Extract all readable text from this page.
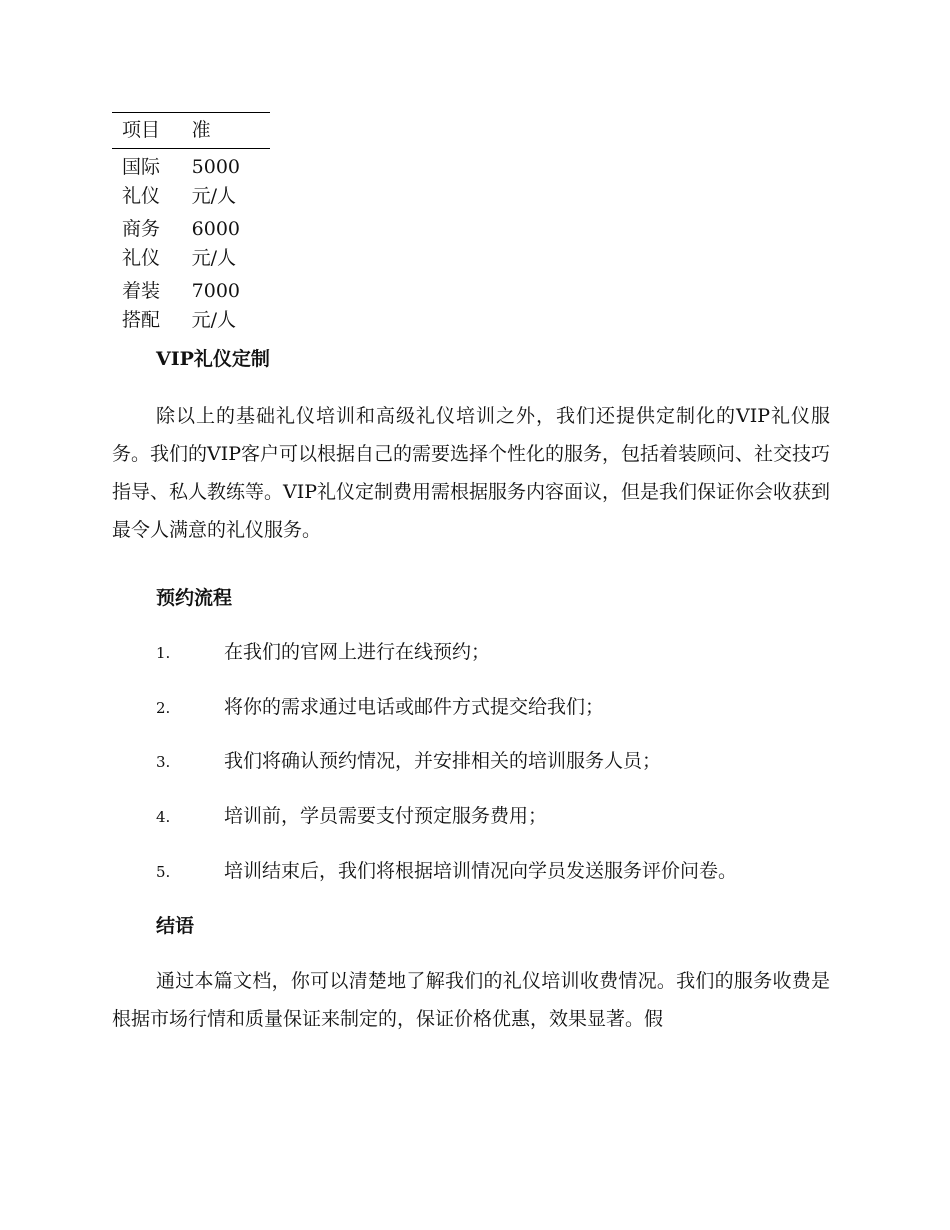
项目	准

国际礼仪	5000元/人

商务礼仪	6000元/人

着装搭配	7000元/人
VIP礼仪定制
除以上的基础礼仪培训和高级礼仪培训之外，我们还提供定制化的VIP礼仪服务。我们的VIP客户可以根据自己的需要选择个性化的服务，包括着装顾问、社交技巧指导、私人教练等。VIP礼仪定制费用需根据服务内容面议，但是我们保证你会收获到最令人满意的礼仪服务。
预约流程
1.	在我们的官网上进行在线预约；
2.	将你的需求通过电话或邮件方式提交给我们；
3.	我们将确认预约情况，并安排相关的培训服务人员；
4.	培训前，学员需要支付预定服务费用；
5.	培训结束后，我们将根据培训情况向学员发送服务评价问卷。
结语
通过本篇文档，你可以清楚地了解我们的礼仪培训收费情况。我们的服务收费是根据市场行情和质量保证来制定的，保证价格优惠，效果显著。假
